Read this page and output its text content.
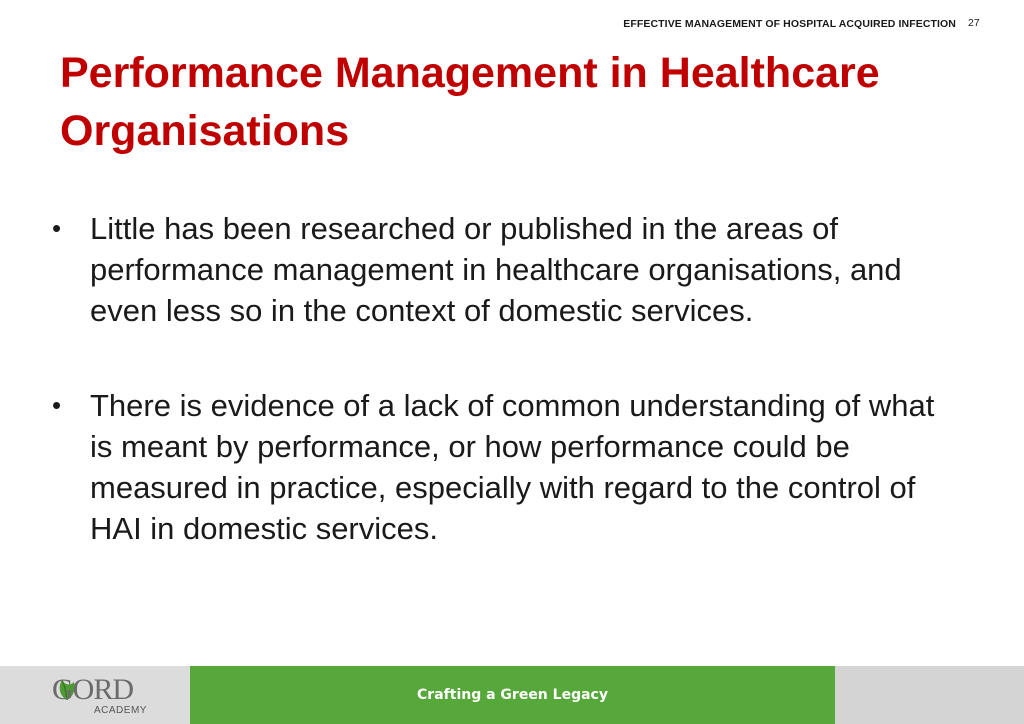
EFFECTIVE MANAGEMENT OF HOSPITAL ACQUIRED INFECTION 27
Performance Management in Healthcare
Organisations
• Little has been researched or published in the areas of performance management in healthcare organisations, and even less so in the context of domestic services.
• There is evidence of a lack of common understanding of what is meant by performance, or how performance could be measured in practice, especially with regard to the control of HAI in domestic services.
GORD
ACADEMY
Crafting a Green Legacy
